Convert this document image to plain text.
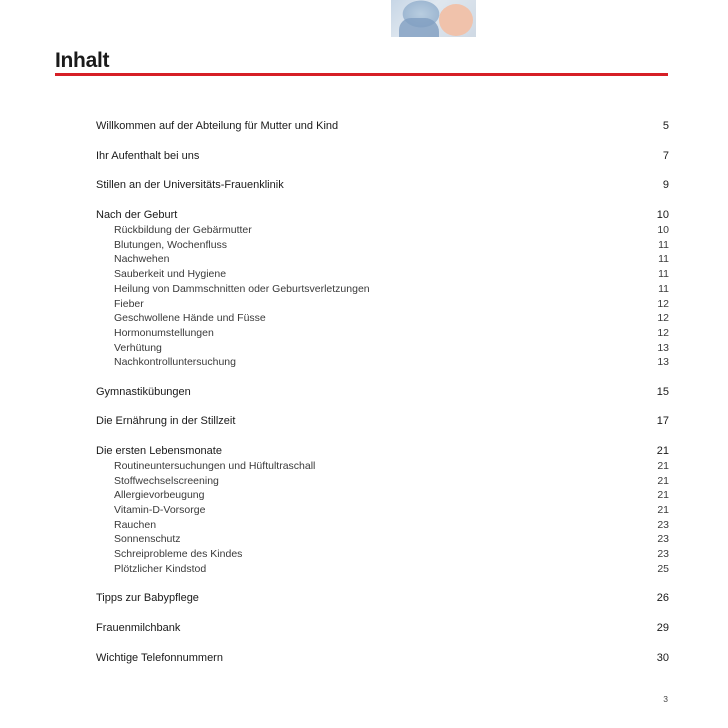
Inhalt
Willkommen auf der Abteilung für Mutter und Kind	5
Ihr Aufenthalt bei uns	7
Stillen an der Universitäts-Frauenklinik	9
Nach der Geburt	10
Rückbildung der Gebärmutter	10
Blutungen, Wochenfluss	11
Nachwehen	11
Sauberkeit und Hygiene	11
Heilung von Dammschnitten oder Geburtsverletzungen	11
Fieber	12
Geschwollene Hände und Füsse	12
Hormonumstellungen	12
Verhütung	13
Nachkontrolluntersuchung	13
Gymnastikübungen	15
Die Ernährung in der Stillzeit	17
Die ersten Lebensmonate	21
Routineuntersuchungen und Hüftultraschall	21
Stoffwechselscreening	21
Allergievorbeugung	21
Vitamin-D-Vorsorge	21
Rauchen	23
Sonnenschutz	23
Schreiprobleme des Kindes	23
Plötzlicher Kindstod	25
Tipps zur Babypflege	26
Frauenmilchbank	29
Wichtige Telefonnummern	30
3
